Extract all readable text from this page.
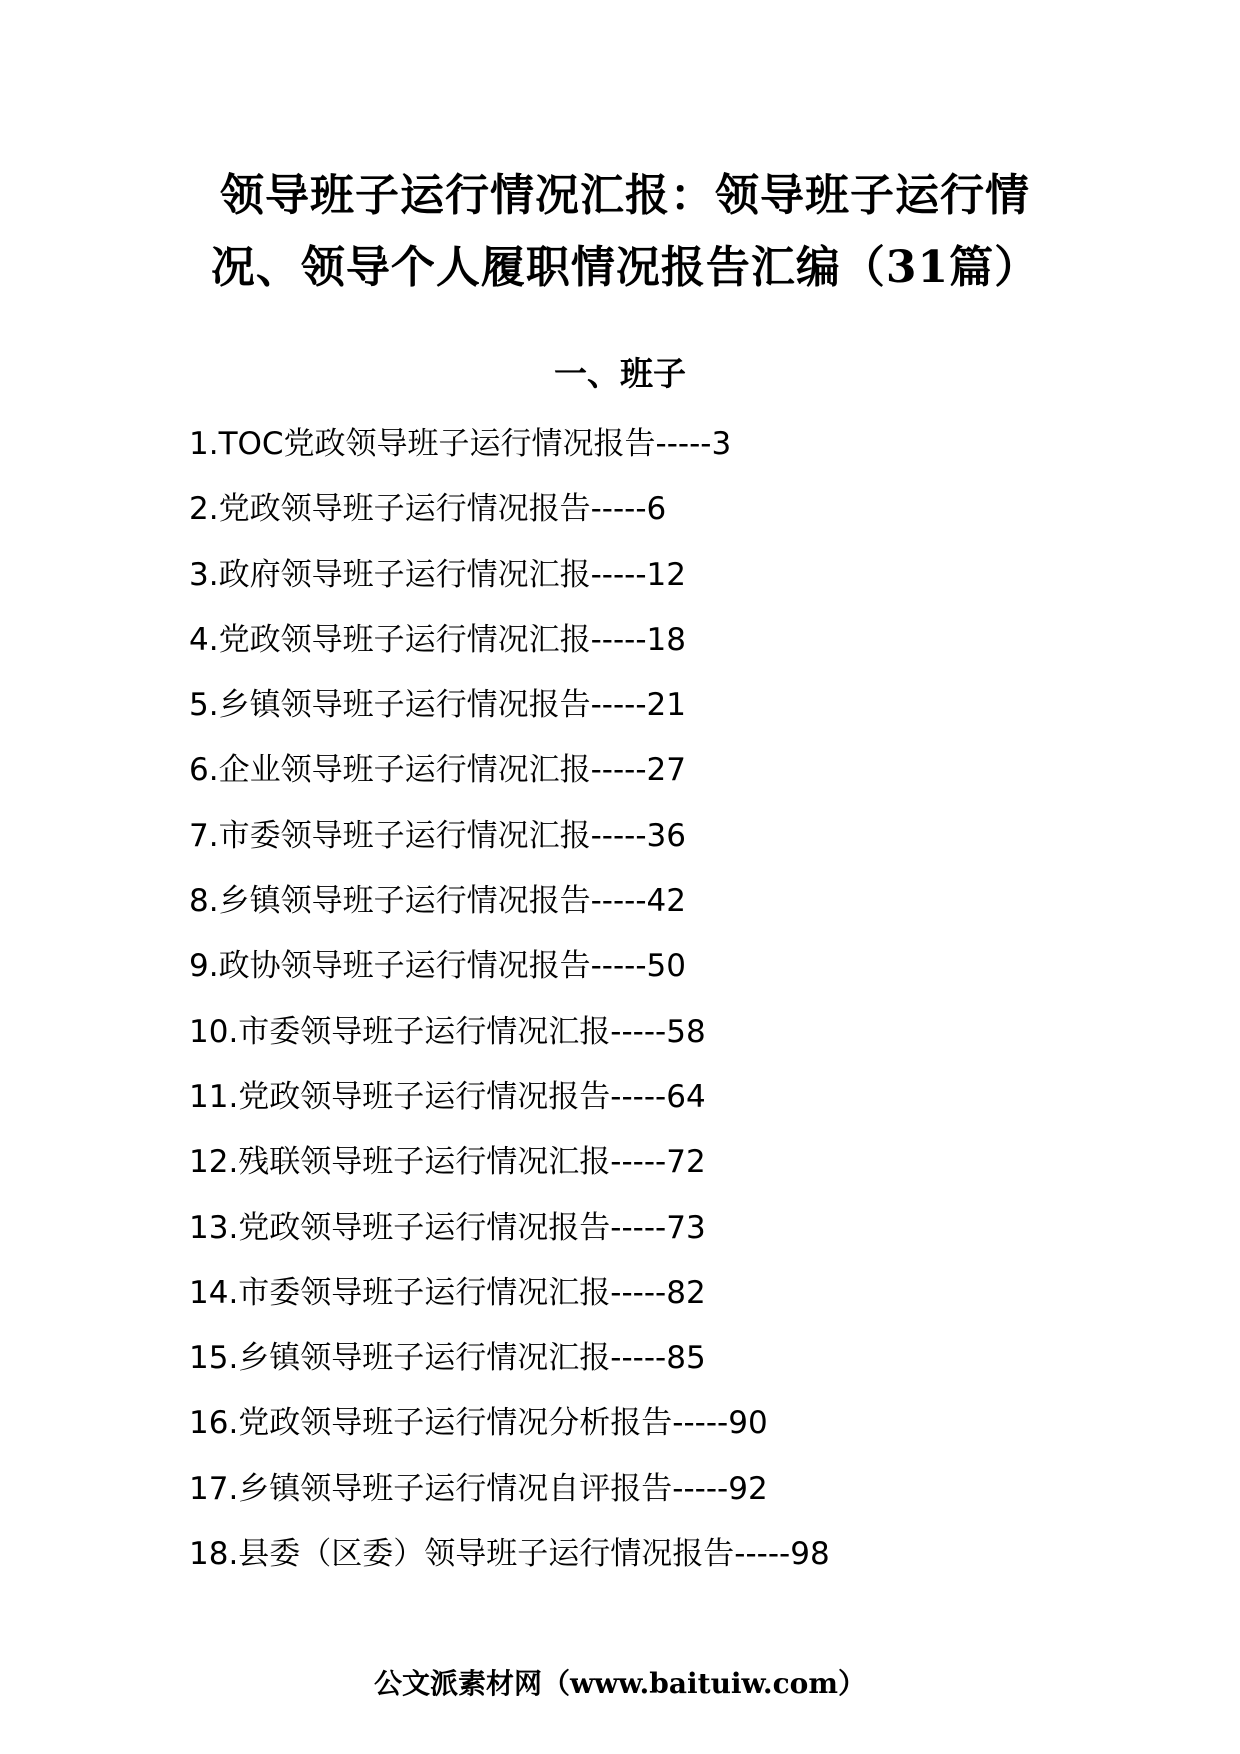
领导班子运行情况汇报：领导班子运行情
况、领导个人履职情况报告汇编（31篇）
一、班子
1.TOC党政领导班子运行情况报告-----3
2.党政领导班子运行情况报告-----6
3.政府领导班子运行情况汇报-----12
4.党政领导班子运行情况汇报-----18
5.乡镇领导班子运行情况报告-----21
6.企业领导班子运行情况汇报-----27
7.市委领导班子运行情况汇报-----36
8.乡镇领导班子运行情况报告-----42
9.政协领导班子运行情况报告-----50
10.市委领导班子运行情况汇报-----58
11.党政领导班子运行情况报告-----64
12.残联领导班子运行情况汇报-----72
13.党政领导班子运行情况报告-----73
14.市委领导班子运行情况汇报-----82
15.乡镇领导班子运行情况汇报-----85
16.党政领导班子运行情况分析报告-----90
17.乡镇领导班子运行情况自评报告-----92
18.县委（区委）领导班子运行情况报告-----98
公文派素材网（www.baituiw.com）
